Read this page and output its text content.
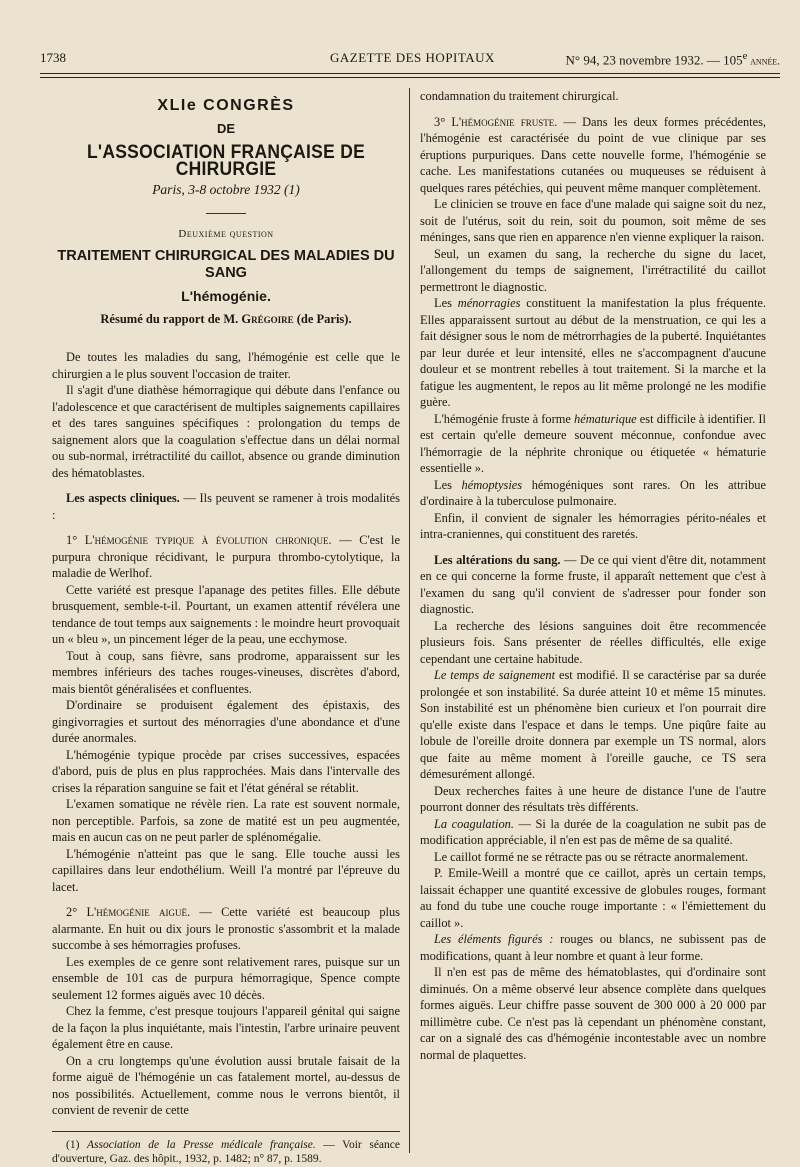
1738	GAZETTE DES HOPITAUX	N° 94, 23 novembre 1932. — 105e année.
XLIe CONGRÈS
DE
L'ASSOCIATION FRANÇAISE DE CHIRURGIE
Paris, 3-8 octobre 1932 (1)
Deuxième question
TRAITEMENT CHIRURGICAL DES MALADIES DU SANG
L'hémogénie.
Résumé du rapport de M. Grégoire (de Paris).

De toutes les maladies du sang, l'hémogénie est celle que le chirurgien a le plus souvent l'occasion de traiter.

Il s'agit d'une diathèse hémorragique qui débute dans l'enfance ou l'adolescence et que caractérisent de multiples saignements capillaires et des tares sanguines spécifiques : prolongation du temps de saignement alors que la coagulation s'effectue dans un délai normal ou sub-normal, irrétractilité du caillot, absence ou grande diminution des hématoblastes.

Les aspects cliniques. — Ils peuvent se ramener à trois modalités :

1° L'hémogénie typique à évolution chronique. — C'est le purpura chronique récidivant, le purpura thrombo-cytolytique, la maladie de Werlhof.

Cette variété est presque l'apanage des petites filles. Elle débute brusquement, semble-t-il. Pourtant, un examen attentif révélera une tendance de tout temps aux saignements : le moindre heurt provoquait un « bleu », un pincement léger de la peau, une ecchymose.

Tout à coup, sans fièvre, sans prodrome, apparaissent sur les membres inférieurs des taches rouges-vineuses, discrètes d'abord, mais bientôt généralisées et confluentes.

D'ordinaire se produisent également des épistaxis, des gingivorragies et surtout des ménorragies d'une abondance et d'une durée anormales.

L'hémogénie typique procède par crises successives, espacées d'abord, puis de plus en plus rapprochées. Mais dans l'intervalle des crises la réparation sanguine se fait et l'état général se rétablit.

L'examen somatique ne révèle rien. La rate est souvent normale, non perceptible. Parfois, sa zone de matité est un peu augmentée, mais en aucun cas on ne peut parler de splénomégalie.

L'hémogénie n'atteint pas que le sang. Elle touche aussi les capillaires dans leur endothélium. Weill l'a montré par l'épreuve du lacet.

2° L'hémogénie aiguë. — Cette variété est beaucoup plus alarmante. En huit ou dix jours le pronostic s'assombrit et la malade succombe à ses hémorragies profuses.

Les exemples de ce genre sont relativement rares, puisque sur un ensemble de 101 cas de purpura hémorragique, Spence compte seulement 12 formes aiguës avec 10 décès.

Chez la femme, c'est presque toujours l'appareil génital qui saigne de la façon la plus inquiétante, mais l'intestin, l'arbre urinaire peuvent également être en cause.

On a cru longtemps qu'une évolution aussi brutale faisait de la forme aiguë de l'hémogénie un cas fatalement mortel, au-dessus de nos possibilités. Actuellement, comme nous le verrons bientôt, il convient de revenir de cette

(1) Association de la Presse médicale française. — Voir séance d'ouverture, Gaz. des hôpit., 1932, p. 1482; n° 87, p. 1589.

condamnation du traitement chirurgical.

3° L'hémogénie fruste. — Dans les deux formes précédentes, l'hémogénie est caractérisée du point de vue clinique par ses éruptions purpuriques. Dans cette nouvelle forme, l'hémogénie se cache. Les manifestations cutanées ou muqueuses se réduisent à quelques rares pétéchies, qui peuvent même manquer complètement.

Le clinicien se trouve en face d'une malade qui saigne soit du nez, soit de l'utérus, soit du rein, soit du poumon, soit même de ses méninges, sans que rien en apparence n'en vienne expliquer la raison.

Seul, un examen du sang, la recherche du signe du lacet, l'allongement du temps de saignement, l'irrétractilité du caillot permettront le diagnostic.

Les ménorragies constituent la manifestation la plus fréquente. Elles apparaissent surtout au début de la menstruation, ce qui les a fait désigner sous le nom de métrorrhagies de la puberté. Inquiétantes par leur durée et leur intensité, elles ne s'accompagnent d'aucune douleur et se montrent rebelles à tout traitement. Si la marche et la fatigue les augmentent, le repos au lit même prolongé ne les modifie guère.

L'hémogénie fruste à forme hématurique est difficile à identifier. Il est certain qu'elle demeure souvent méconnue, confondue avec l'hémorragie de la néphrite chronique ou étiquetée « hématurie essentielle ».

Les hémoptysies hémogéniques sont rares. On les attribue d'ordinaire à la tuberculose pulmonaire.

Enfin, il convient de signaler les hémorragies périto-néales et intra-craniennes, qui constituent des raretés.

Les altérations du sang. — De ce qui vient d'être dit, notamment en ce qui concerne la forme fruste, il apparaît nettement que c'est à l'examen du sang qu'il convient de s'adresser pour fonder son diagnostic.

La recherche des lésions sanguines doit être recommencée plusieurs fois. Sans présenter de réelles difficultés, elle exige cependant une certaine habitude.

Le temps de saignement est modifié. Il se caractérise par sa durée prolongée et son instabilité. Sa durée atteint 10 et même 15 minutes. Son instabilité est un phénomène bien curieux et l'on pourrait dire qu'elle existe dans l'espace et dans le temps. Une piqûre faite au lobule de l'oreille droite donnera par exemple un TS normal, alors que faite au même moment à l'oreille gauche, ce TS sera démesurément allongé.

Deux recherches faites à une heure de distance l'une de l'autre pourront donner des résultats très différents.

La coagulation. — Si la durée de la coagulation ne subit pas de modification appréciable, il n'en est pas de même de sa qualité.

Le caillot formé ne se rétracte pas ou se rétracte anormalement.

P. Emile-Weill a montré que ce caillot, après un certain temps, laissait échapper une quantité excessive de globules rouges, formant au fond du tube une couche rouge importante : « l'émiettement du caillot ».

Les éléments figurés : rouges ou blancs, ne subissent pas de modifications, quant à leur nombre et quant à leur forme.

Il n'en est pas de même des hématoblastes, qui d'ordinaire sont diminués. On a même observé leur absence complète dans quelques formes aiguës. Leur chiffre passe souvent de 300 000 à 20 000 par millimètre cube. Ce n'est pas là cependant un phénomène constant, car on a signalé des cas d'hémogénie incontestable avec un nombre normal de plaquettes.
